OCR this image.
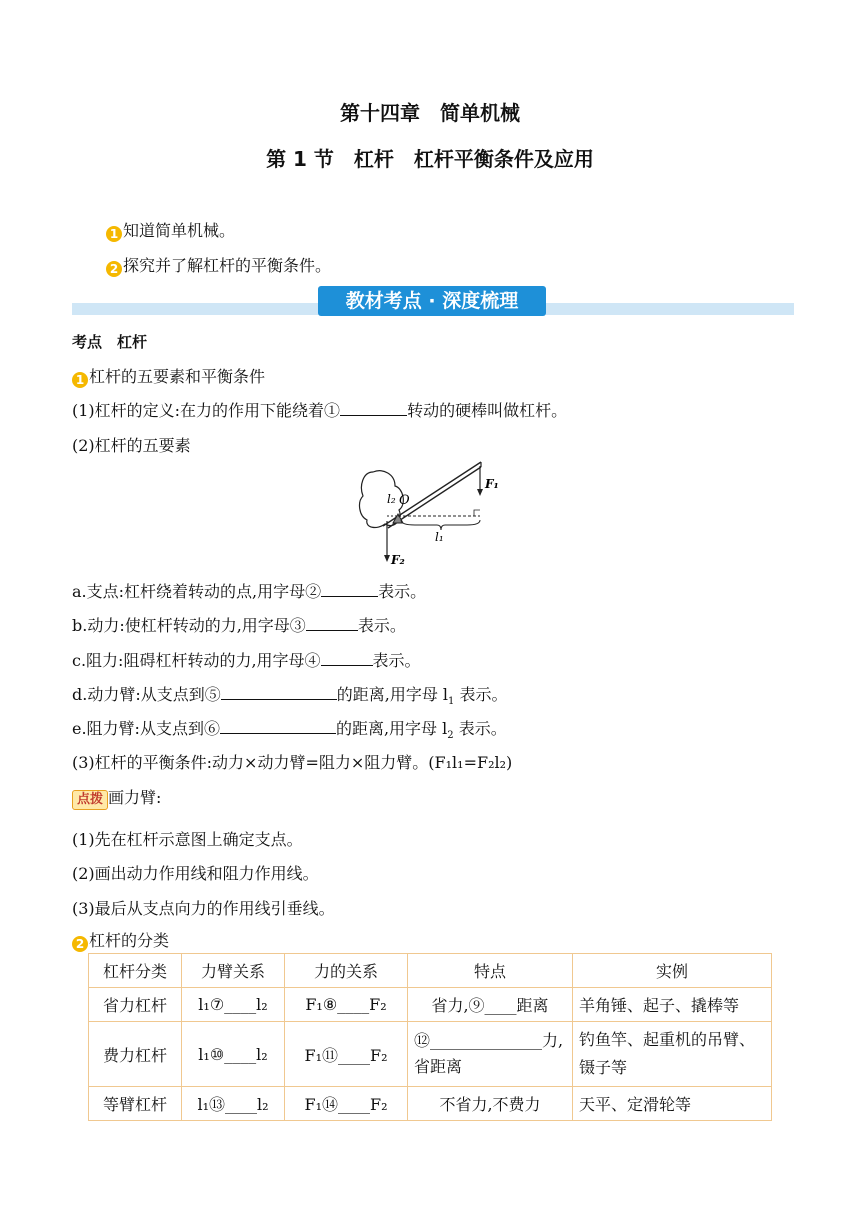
第十四章　简单机械
第 1 节　杠杆　杠杆平衡条件及应用
1 知道简单机械。
2 探究并了解杠杆的平衡条件。
教材考点 · 深度梳理
考点　杠杆
1 杠杆的五要素和平衡条件
(1)杠杆的定义:在力的作用下能绕着①	转动的硬棒叫做杠杆。
(2)杠杆的五要素
O
l₂
l₁
F₁
F₂
a.支点:杠杆绕着转动的点,用字母②	表示。
b.动力:使杠杆转动的力,用字母③	表示。
c.阻力:阻碍杠杆转动的力,用字母④	表示。
d.动力臂:从支点到⑤	的距离,用字母 $l_1$ 表示。
e.阻力臂:从支点到⑥	的距离,用字母 $l_2$ 表示。
(3)杠杆的平衡条件:动力×动力臂=阻力×阻力臂。(F₁l₁=F₂l₂)
点拨 画力臂:
(1)先在杠杆示意图上确定支点。
(2)画出动力作用线和阻力作用线。
(3)最后从支点向力的作用线引垂线。
2 杠杆的分类
杠杆分类	力臂关系	力的关系	特点	实例
省力杠杆	l₁⑦____l₂	F₁⑧____F₂	省力,⑨____距离	羊角锤、起子、撬棒等
费力杠杆	l₁⑩____l₂	F₁⑪____F₂	⑫______________力,省距离	钓鱼竿、起重机的吊臂、镊子等
等臂杠杆	l₁⑬____l₂	F₁⑭____F₂	不省力,不费力	天平、定滑轮等
